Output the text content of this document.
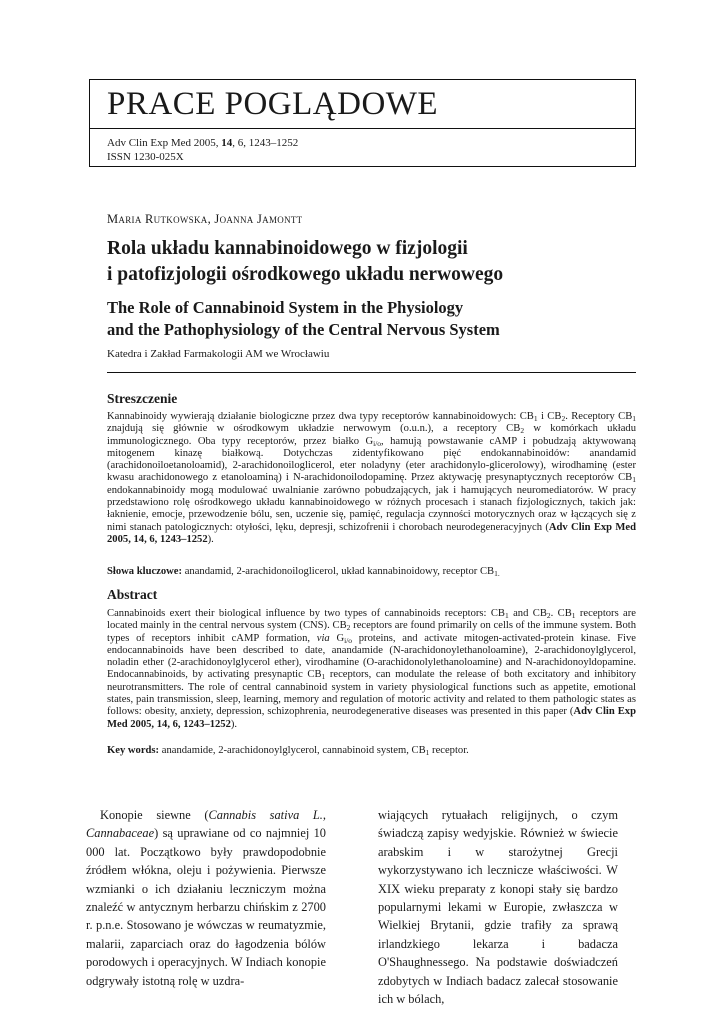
PRACE POGLĄDOWE
Adv Clin Exp Med 2005, 14, 6, 1243–1252
ISSN 1230-025X
Maria Rutkowska, Joanna Jamontt
Rola układu kannabinoidowego w fizjologii
i patofizjologii ośrodkowego układu nerwowego
The Role of Cannabinoid System in the Physiology
and the Pathophysiology of the Central Nervous System
Katedra i Zakład Farmakologii AM we Wrocławiu
Streszczenie
Kannabinoidy wywierają działanie biologiczne przez dwa typy receptorów kannabinoidowych: $CB_1$ i $CB_2$. Receptory $CB_1$ znajdują się głównie w ośrodkowym układzie nerwowym (o.u.n.), a receptory $CB_2$ w komórkach układu immunologicznego. Oba typy receptorów, przez białko $G_{i/o}$, hamują powstawanie cAMP i pobudzają aktywowaną mitogenem kinazę białkową. Dotychczas zidentyfikowano pięć endokannabinoidów: anandamid (arachidonoiloetanoloamid), 2-arachidonoiloglicerol, eter noladyny (eter arachidonylo-glicerolowy), wirodhaminę (ester kwasu arachidonowego z etanoloaminą) i N-arachidonoilodopaminę. Przez aktywację presynaptycznych receptorów $CB_1$ endokannabinoidy mogą modulować uwalnianie zarówno pobudzających, jak i hamujących neuromediatorów. W pracy przedstawiono rolę ośrodkowego układu kannabinoidowego w różnych procesach i stanach fizjologicznych, takich jak: łaknienie, emocje, przewodzenie bólu, sen, uczenie się, pamięć, regulacja czynności motorycznych oraz w łączących się z nimi stanach patologicznych: otyłości, lęku, depresji, schizofrenii i chorobach neurodegeneracyjnych (Adv Clin Exp Med 2005, 14, 6, 1243–1252).
Słowa kluczowe: anandamid, 2-arachidonoiloglicerol, układ kannabinoidowy, receptor $CB_{1.}$
Abstract
Cannabinoids exert their biological influence by two types of cannabinoids receptors: $CB_1$ and $CB_2$. $CB_1$ receptors are located mainly in the central nervous system (CNS). $CB_2$ receptors are found primarily on cells of the immune system. Both types of receptors inhibit cAMP formation, via $G_{i/o}$ proteins, and activate mitogen-activated-protein kinase. Five endocannabinoids have been described to date, anandamide (N-arachidonoylethanoloamine), 2-arachidonoylglycerol, noladin ether (2-arachidonoylglycerol ether), virodhamine (O-arachidonolylethanoloamine) and N-arachidonoyldopamine. Endocannabinoids, by activating presynaptic $CB_1$ receptors, can modulate the release of both excitatory and inhibitory neurotransmitters. The role of central cannabinoid system in variety physiological functions such as appetite, emotional states, pain transmission, sleep, learning, memory and regulation of motoric activity and related to them pathologic states as follows: obesity, anxiety, depression, schizophrenia, neurodegenerative diseases was presented in this paper (Adv Clin Exp Med 2005, 14, 6, 1243–1252).
Key words: anandamide, 2-arachidonoylglycerol, cannabinoid system, $CB_1$ receptor.
Konopie siewne (Cannabis sativa L., Cannabaceae) są uprawiane od co najmniej 10 000 lat. Początkowo były prawdopodobnie źródłem włókna, oleju i pożywienia. Pierwsze wzmianki o ich działaniu leczniczym można znaleźć w antycznym herbarzu chińskim z 2700 r. p.n.e. Stosowano je wówczas w reumatyzmie, malarii, zaparciach oraz do łagodzenia bólów porodowych i operacyjnych. W Indiach konopie odgrywały istotną rolę w uzdra-
wiających rytuałach religijnych, o czym świadczą zapisy wedyjskie. Również w świecie arabskim i w starożytnej Grecji wykorzystywano ich lecznicze właściwości. W XIX wieku preparaty z konopi stały się bardzo popularnymi lekami w Europie, zwłaszcza w Wielkiej Brytanii, gdzie trafiły za sprawą irlandzkiego lekarza i badacza O'Shaughnessego. Na podstawie doświadczeń zdobytych w Indiach badacz zalecał stosowanie ich w bólach,
